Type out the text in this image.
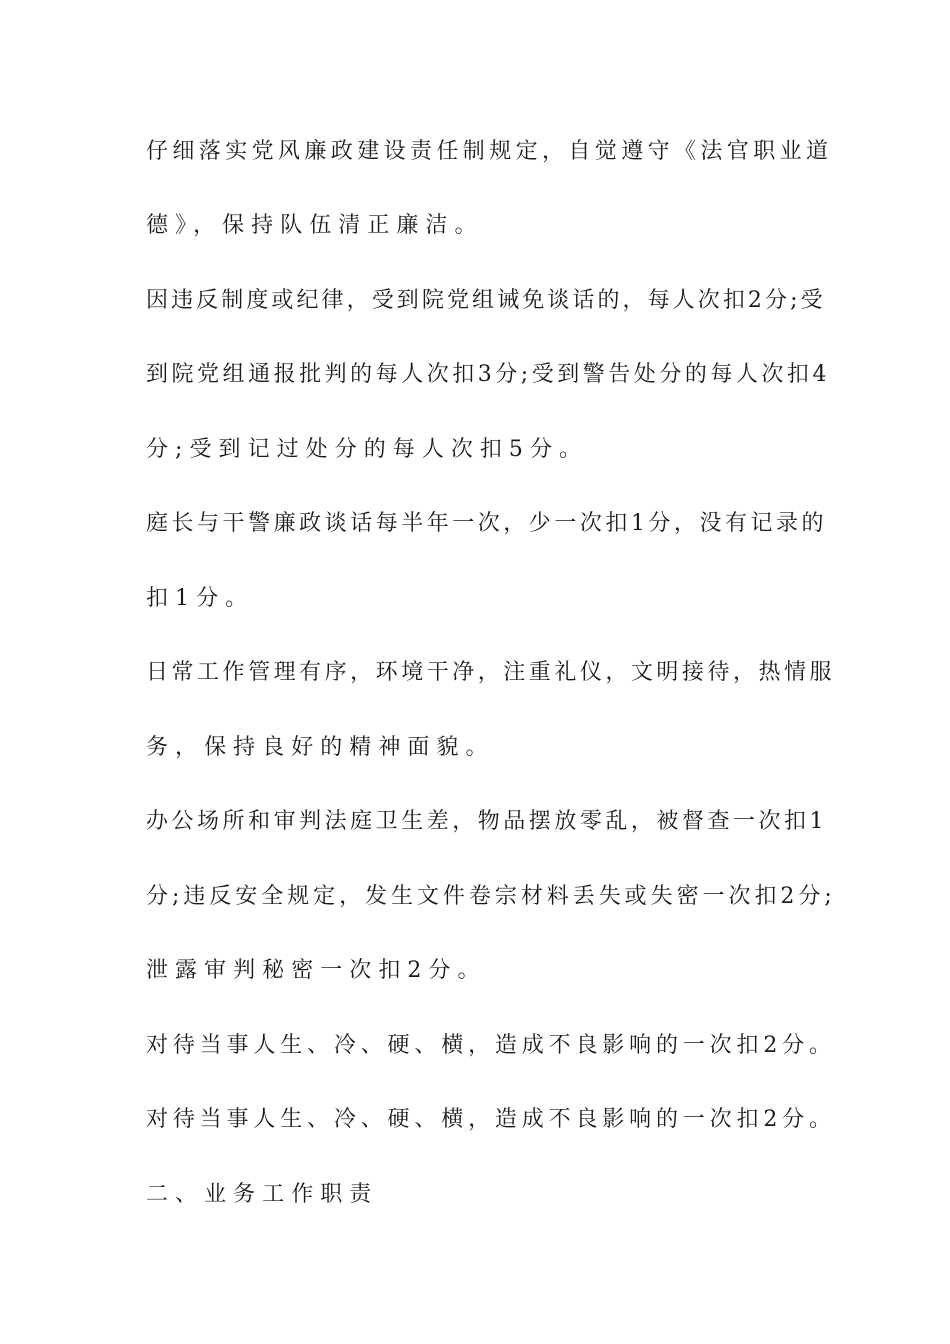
仔细落实党风廉政建设责任制规定，自觉遵守《法官职业道
德》，保持队伍清正廉洁。
因违反制度或纪律，受到院党组诫免谈话的，每人次扣2分;受
到院党组通报批判的每人次扣3分;受到警告处分的每人次扣4
分;受到记过处分的每人次扣5分。
庭长与干警廉政谈话每半年一次，少一次扣1分，没有记录的
扣1分。
日常工作管理有序，环境干净，注重礼仪，文明接待，热情服
务，保持良好的精神面貌。
办公场所和审判法庭卫生差，物品摆放零乱，被督查一次扣1
分;违反安全规定，发生文件卷宗材料丢失或失密一次扣2分;
泄露审判秘密一次扣2分。
对待当事人生、冷、硬、横，造成不良影响的一次扣2分。
对待当事人生、冷、硬、横，造成不良影响的一次扣2分。
二、业务工作职责
